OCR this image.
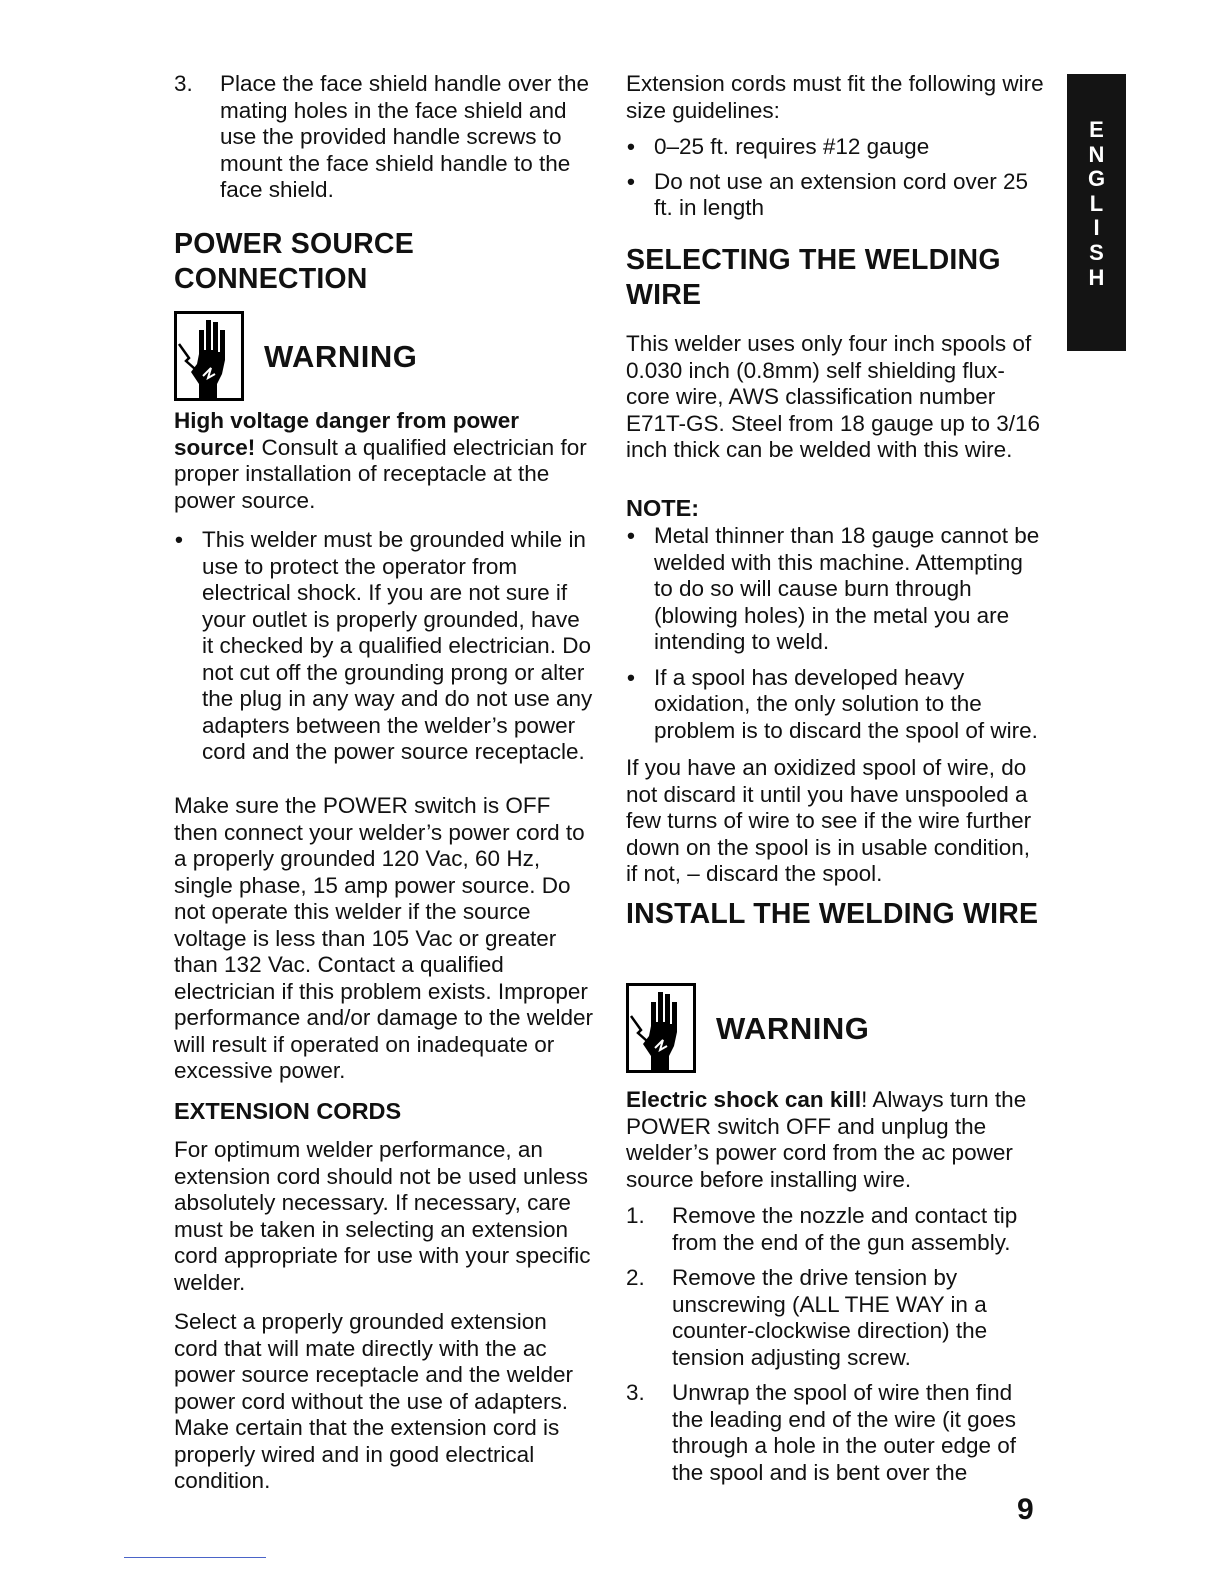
3. Place the face shield handle over the mating holes in the face shield and use the provided handle screws to mount the face shield handle to the face shield.
POWER SOURCE CONNECTION
WARNING

High voltage danger from power source! Consult a qualified electrician for proper installation of receptacle at the power source.

• This welder must be grounded while in use to protect the operator from electrical shock. If you are not sure if your outlet is properly grounded, have it checked by a qualified electrician. Do not cut off the grounding prong or alter the plug in any way and do not use any adapters between the welder’s power cord and the power source receptacle.

Make sure the POWER switch is OFF then connect your welder’s power cord to a properly grounded 120 Vac, 60 Hz, single phase, 15 amp power source. Do not operate this welder if the source voltage is less than 105 Vac or greater than 132 Vac. Contact a qualified electrician if this problem exists. Improper performance and/or damage to the welder will result if operated on inadequate or excessive power.

EXTENSION CORDS

For optimum welder performance, an extension cord should not be used unless absolutely necessary. If necessary, care must be taken in selecting an extension cord appropriate for use with your specific welder.

Select a properly grounded extension cord that will mate directly with the ac power source receptacle and the welder power cord without the use of adapters. Make certain that the extension cord is properly wired and in good electrical condition.

Extension cords must fit the following wire size guidelines:

• 0–25 ft. requires #12 gauge
• Do not use an extension cord over 25 ft. in length
SELECTING THE WELDING WIRE

This welder uses only four inch spools of 0.030 inch (0.8mm) self shielding flux-core wire, AWS classification number E71T-GS. Steel from 18 gauge up to 3/16 inch thick can be welded with this wire.

NOTE:
• Metal thinner than 18 gauge cannot be welded with this machine. Attempting to do so will cause burn through (blowing holes) in the metal you are intending to weld.
• If a spool has developed heavy oxidation, the only solution to the problem is to discard the spool of wire.

If you have an oxidized spool of wire, do not discard it until you have unspooled a few turns of wire to see if the wire further down on the spool is in usable condition, if not, – discard the spool.

INSTALL THE WELDING WIRE
WARNING

Electric shock can kill! Always turn the POWER switch OFF and unplug the welder’s power cord from the ac power source before installing wire.

1. Remove the nozzle and contact tip from the end of the gun assembly.
2. Remove the drive tension by unscrewing (ALL THE WAY in a counter-clockwise direction) the tension adjusting screw.
3. Unwrap the spool of wire then find the leading end of the wire (it goes through a hole in the outer edge of the spool and is bent over the
E
N
G
L
I
S
H
9
